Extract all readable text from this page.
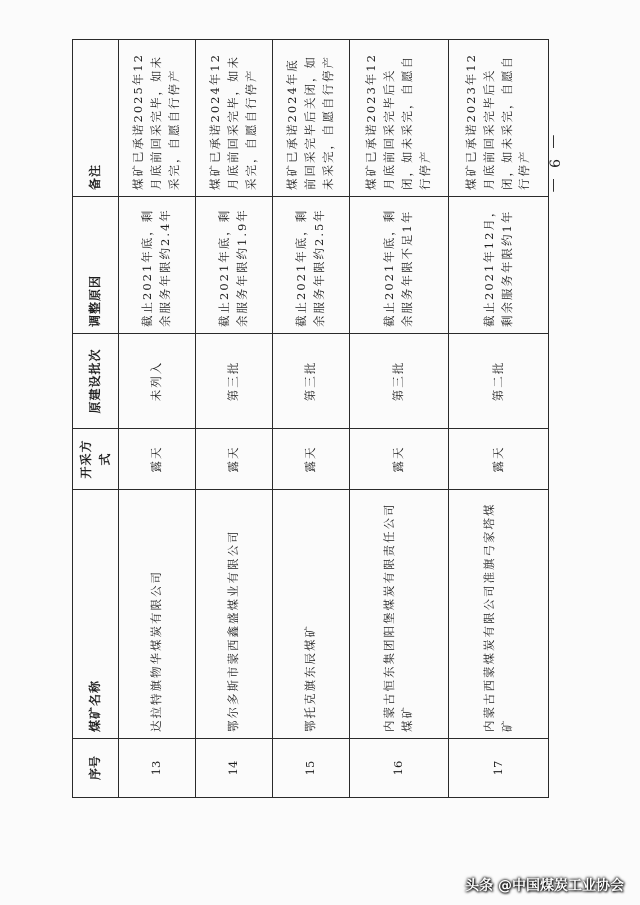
序号	煤矿名称	开采方式	原建设批次	调整原因	备注
13	达拉特旗物华煤炭有限公司	露天	未列入	截止2021年底，剩余服务年限约2.4年	煤矿已承诺2025年12月底前回采完毕，如未采完，自愿自行停产
14	鄂尔多斯市蒙西鑫盛煤业有限公司	露天	第三批	截止2021年底，剩余服务年限约1.9年	煤矿已承诺2024年12月底前回采完毕，如未采完，自愿自行停产
15	鄂托克旗东辰煤矿	露天	第三批	截止2021年底，剩余服务年限约2.5年	煤矿已承诺2024年底前回采完毕后关闭，如未采完，自愿自行停产
16	内蒙古恒东集团阳堡煤炭有限责任公司煤矿	露天	第三批	截止2021年底，剩余服务年限不足1年	煤矿已承诺2023年12月底前回采完毕后关闭，如未采完，自愿自行停产
17	内蒙古西蒙煤炭有限公司准旗弓家塔煤矿	露天	第二批	截止2021年12月，剩余服务年限约1年	煤矿已承诺2023年12月底前回采完毕后关闭，如未采完，自愿自行停产 — 9 —
头条 @中国煤炭工业协会
